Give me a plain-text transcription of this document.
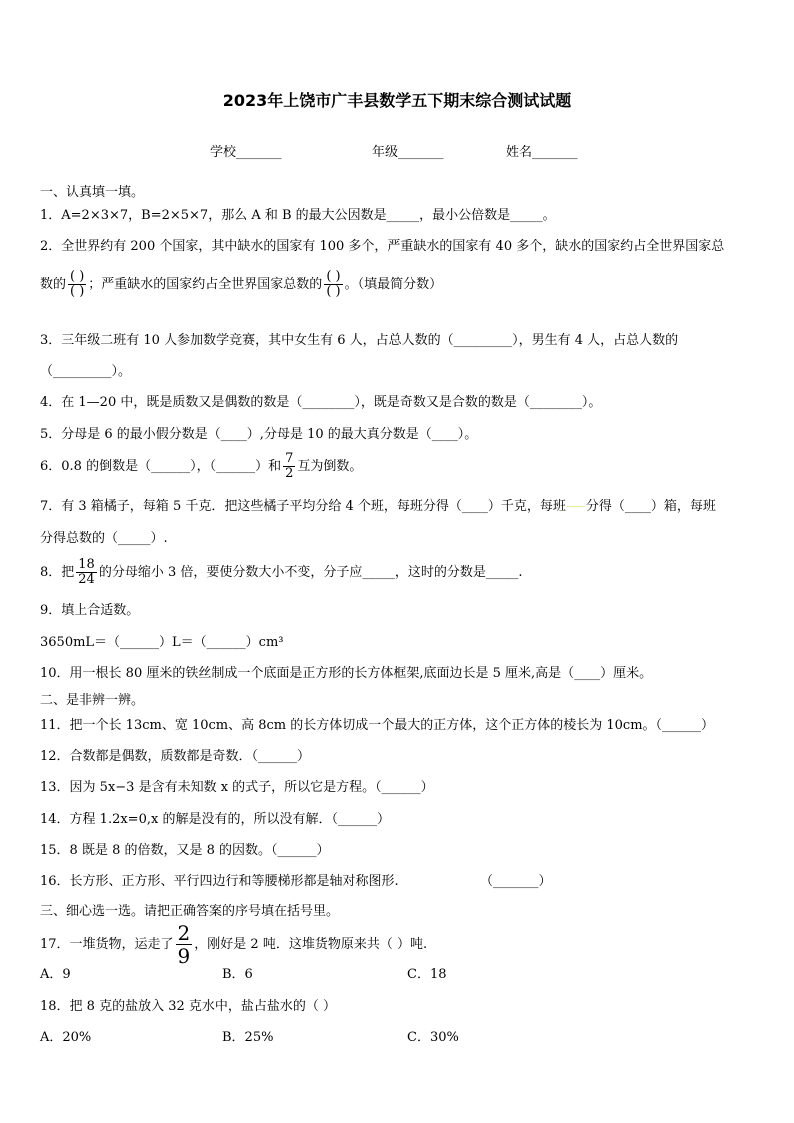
2023年上饶市广丰县数学五下期末综合测试试题
学校_______	年级_______	姓名_______
一、认真填一填。
1．A=2×3×7，B=2×5×7，那么 A 和 B 的最大公因数是_____，最小公倍数是_____。
2．全世界约有 200 个国家，其中缺水的国家有 100 多个，严重缺水的国家有 40 多个，缺水的国家约占全世界国家总
数的 $\frac{( )}{( )}$ ；严重缺水的国家约占全世界国家总数的 $\frac{( )}{( )}$ 。（填最简分数）
3．三年级二班有 10 人参加数学竞赛，其中女生有 6 人，占总人数的（_________），男生有 4 人，占总人数的
（_________）。
4．在 1—20 中，既是质数又是偶数的数是（________），既是奇数又是合数的数是（________）。
5．分母是 6 的最小假分数是（____）,分母是 10 的最大真分数是（____）。
6．0.8 的倒数是（______），（______）和 $\frac{7}{2}$ 互为倒数。
7．有 3 箱橘子，每箱 5 千克．把这些橘子平均分给 4 个班，每班分得（____）千克，每班 分得（____）箱，每班
分得总数的（_____）.
8．把 $\frac{18}{24}$ 的分母缩小 3 倍，要使分数大小不变，分子应_____，这时的分数是_____.
9．填上合适数。
3650mL＝（______）L＝（______）cm³
10．用一根长 80 厘米的铁丝制成一个底面是正方形的长方体框架,底面边长是 5 厘米,高是（____）厘米。
二、是非辨一辨。
11．把一个长 13cm、宽 10cm、高 8cm 的长方体切成一个最大的正方体，这个正方体的棱长为 10cm。（______）
12．合数都是偶数，质数都是奇数．（______）
13．因为 5x−3 是含有未知数 x 的式子，所以它是方程。（______）
14．方程 1.2x=0,x 的解是没有的，所以没有解．（______）
15．8 既是 8 的倍数，又是 8 的因数。（______）
16．长方形、正方形、平行四边行和等腰梯形都是轴对称图形.	（_______）
三、细心选一选。请把正确答案的序号填在括号里。
17．一堆货物，运走了 $\frac{2}{9}$ ，刚好是 2 吨．这堆货物原来共（ ）吨.
A．9	B．6	C．18
18．把 8 克的盐放入 32 克水中，盐占盐水的（ ）
A．20%	B．25%	C．30%
